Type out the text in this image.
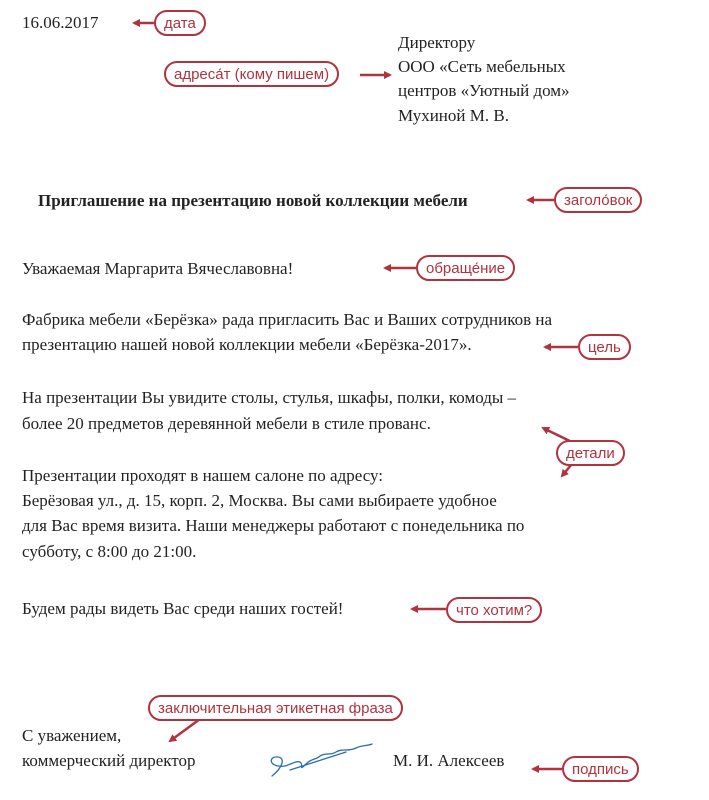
16.06.2017
Директору
ООО «Сеть мебельных
центров «Уютный дом»
Мухиной М. В.
Приглашение на презентацию новой коллекции мебели
Уважаемая Маргарита Вячеславовна!
Фабрика мебели «Берёзка» рада пригласить Вас и Ваших сотрудников на
презентацию нашей новой коллекции мебели «Берёзка-2017».
На презентации Вы увидите столы, стулья, шкафы, полки, комоды –
более 20 предметов деревянной мебели в стиле прованс.
Презентации проходят в нашем салоне по адресу:
Берёзовая ул., д. 15, корп. 2, Москва. Вы сами выбираете удобное
для Вас время визита. Наши менеджеры работают с понедельника по
субботу, с 8:00 до 21:00.
Будем рады видеть Вас среди наших гостей!
С уважением,
коммерческий директор	М. И. Алексеев
дата
адреса́т (кому пишем)
заголо́вок
обраще́ние
цель
детали
что хотим?
заключительная этикетная фраза
подпись
